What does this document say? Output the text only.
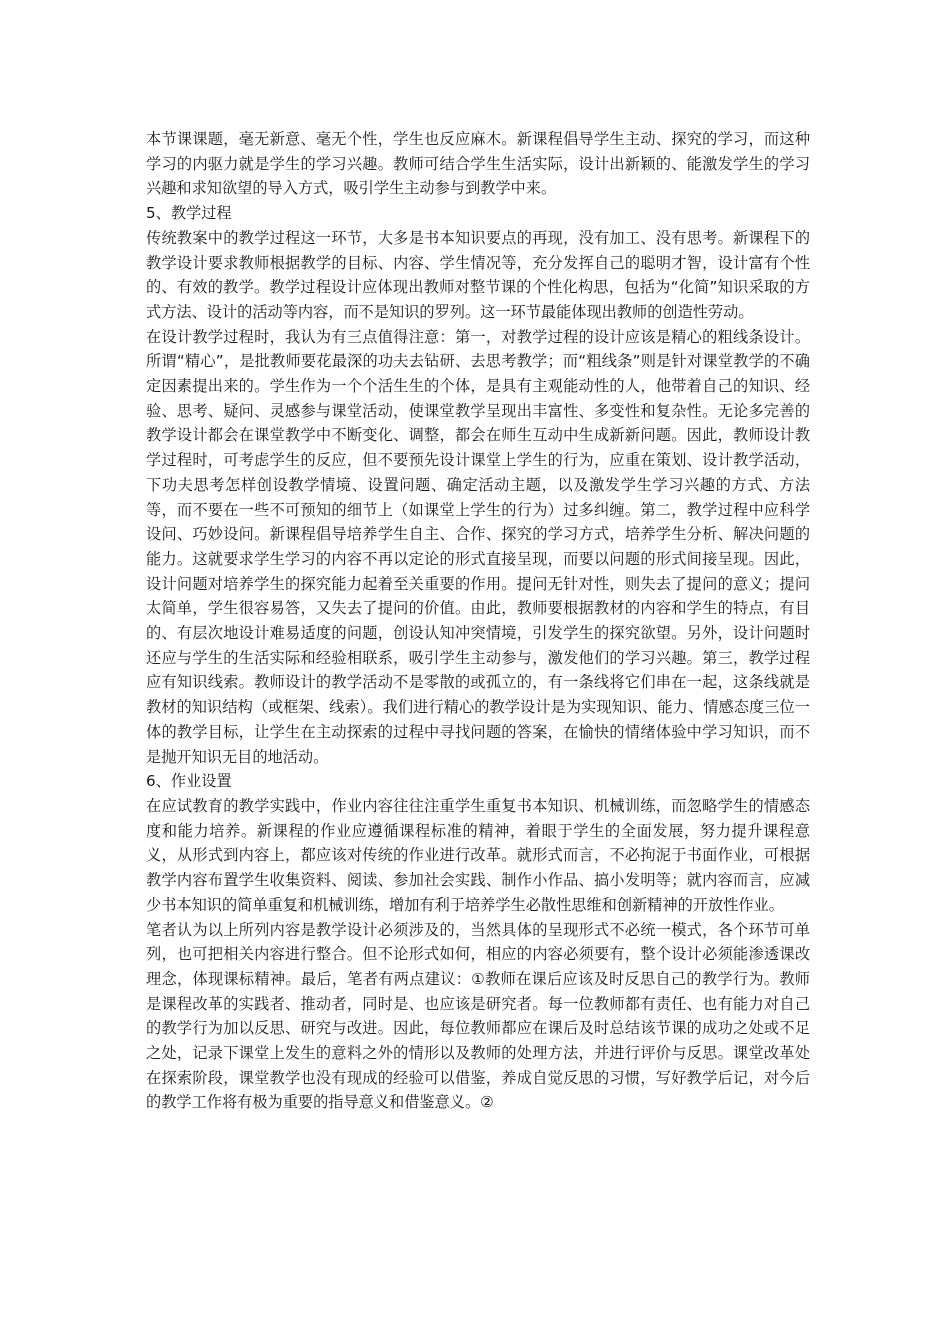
本节课课题，毫无新意、毫无个性，学生也反应麻木。新课程倡导学生主动、探究的学习，而这种学习的内驱力就是学生的学习兴趣。教师可结合学生生活实际，设计出新颖的、能激发学生的学习兴趣和求知欲望的导入方式，吸引学生主动参与到教学中来。

5、教学过程

传统教案中的教学过程这一环节，大多是书本知识要点的再现，没有加工、没有思考。新课程下的教学设计要求教师根据教学的目标、内容、学生情况等，充分发挥自己的聪明才智，设计富有个性的、有效的教学。教学过程设计应体现出教师对整节课的个性化构思，包括为“化简”知识采取的方式方法、设计的活动等内容，而不是知识的罗列。这一环节最能体现出教师的创造性劳动。

在设计教学过程时，我认为有三点值得注意：第一，对教学过程的设计应该是精心的粗线条设计。所谓“精心”，是批教师要花最深的功夫去钻研、去思考教学；而“粗线条”则是针对课堂教学的不确定因素提出来的。学生作为一个个活生生的个体，是具有主观能动性的人，他带着自己的知识、经验、思考、疑问、灵感参与课堂活动，使课堂教学呈现出丰富性、多变性和复杂性。无论多完善的教学设计都会在课堂教学中不断变化、调整，都会在师生互动中生成新新问题。因此，教师设计教学过程时，可考虑学生的反应，但不要预先设计课堂上学生的行为，应重在策划、设计教学活动，下功夫思考怎样创设教学情境、设置问题、确定活动主题，以及激发学生学习兴趣的方式、方法等，而不要在一些不可预知的细节上（如课堂上学生的行为）过多纠缠。第二，教学过程中应科学设问、巧妙设问。新课程倡导培养学生自主、合作、探究的学习方式，培养学生分析、解决问题的能力。这就要求学生学习的内容不再以定论的形式直接呈现，而要以问题的形式间接呈现。因此，设计问题对培养学生的探究能力起着至关重要的作用。提问无针对性，则失去了提问的意义；提问太简单，学生很容易答，又失去了提问的价值。由此，教师要根据教材的内容和学生的特点，有目的、有层次地设计难易适度的问题，创设认知冲突情境，引发学生的探究欲望。另外，设计问题时还应与学生的生活实际和经验相联系，吸引学生主动参与，激发他们的学习兴趣。第三，教学过程应有知识线索。教师设计的教学活动不是零散的或孤立的，有一条线将它们串在一起，这条线就是教材的知识结构（或框架、线索）。我们进行精心的教学设计是为实现知识、能力、情感态度三位一体的教学目标，让学生在主动探索的过程中寻找问题的答案，在愉快的情绪体验中学习知识，而不是抛开知识无目的地活动。

6、作业设置

在应试教育的教学实践中，作业内容往往注重学生重复书本知识、机械训练，而忽略学生的情感态度和能力培养。新课程的作业应遵循课程标准的精神，着眼于学生的全面发展，努力提升课程意义，从形式到内容上，都应该对传统的作业进行改革。就形式而言，不必拘泥于书面作业，可根据教学内容布置学生收集资料、阅读、参加社会实践、制作小作品、搞小发明等；就内容而言，应减少书本知识的简单重复和机械训练，增加有利于培养学生必散性思维和创新精神的开放性作业。

笔者认为以上所列内容是教学设计必须涉及的，当然具体的呈现形式不必统一模式，各个环节可单列，也可把相关内容进行整合。但不论形式如何，相应的内容必须要有，整个设计必须能渗透课改理念，体现课标精神。最后，笔者有两点建议：①教师在课后应该及时反思自己的教学行为。教师是课程改革的实践者、推动者，同时是、也应该是研究者。每一位教师都有责任、也有能力对自己的教学行为加以反思、研究与改进。因此，每位教师都应在课后及时总结该节课的成功之处或不足之处，记录下课堂上发生的意料之外的情形以及教师的处理方法，并进行评价与反思。课堂改革处在探索阶段，课堂教学也没有现成的经验可以借鉴，养成自觉反思的习惯，写好教学后记，对今后的教学工作将有极为重要的指导意义和借鉴意义。②
